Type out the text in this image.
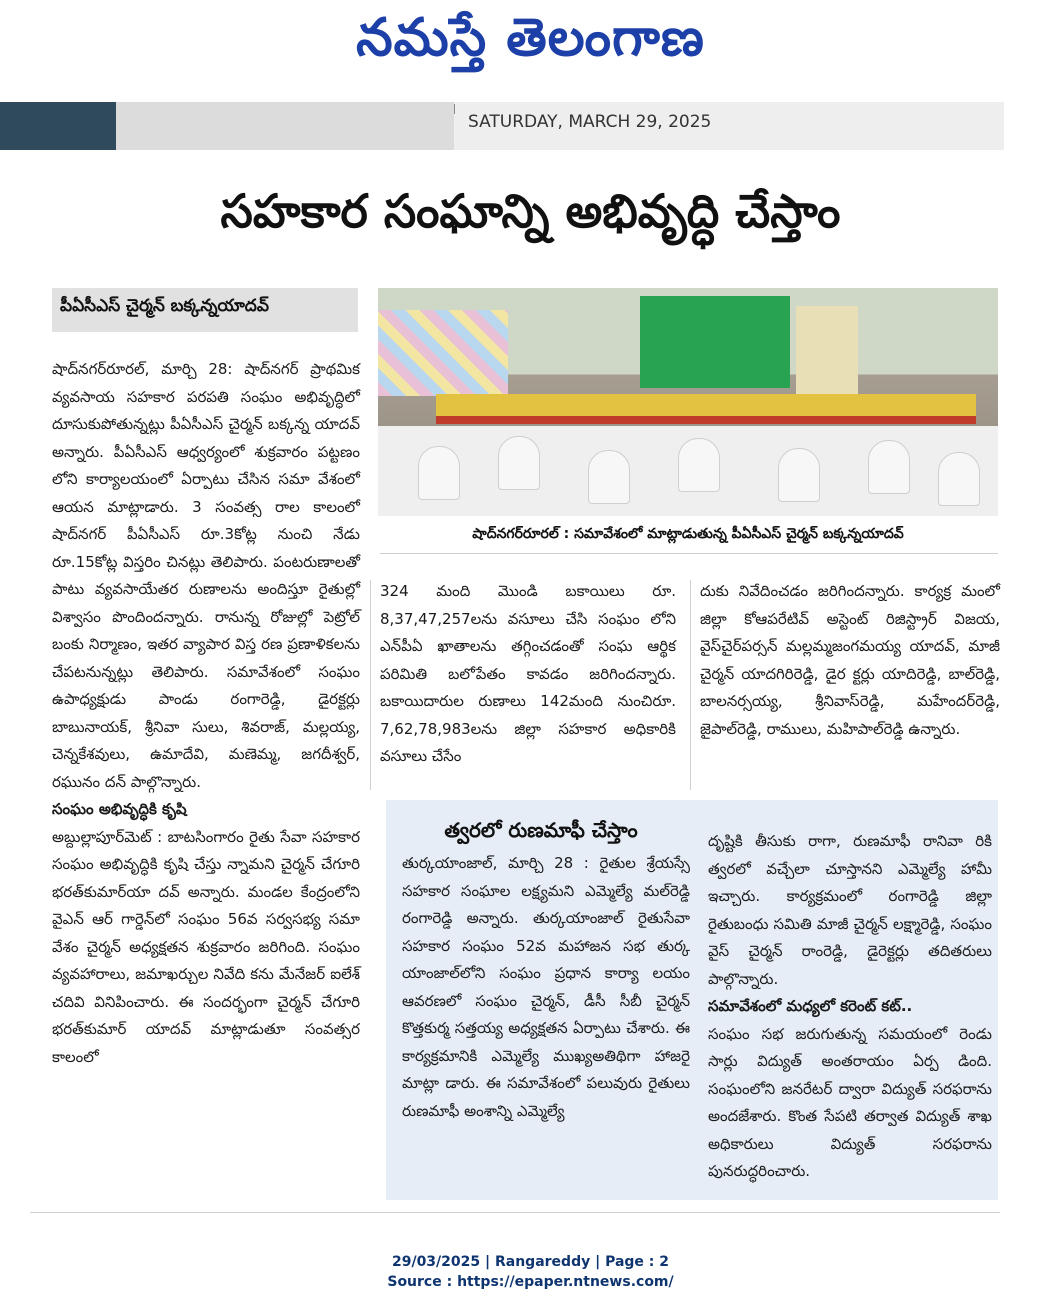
నమస్తే తెలంగాణ
SATURDAY, MARCH 29, 2025
సహకార సంఘాన్ని అభివృద్ధి చేస్తాం
పీఏసీఎస్ చైర్మన్ బక్కన్నయాదవ్
షాద్‌నగర్‌రూరల్ : సమావేశంలో మాట్లాడుతున్న పీఏసీఎస్ చైర్మన్ బక్కన్నయాదవ్

షాద్‌నగర్‌రూరల్, మార్చి 28: షాద్‌నగర్ ప్రాథమిక వ్యవసాయ సహకార పరపతి సంఘం అభివృద్ధిలో దూసుకుపోతున్నట్లు పీఏసీఎస్ చైర్మన్ బక్కన్న యాదవ్ అన్నారు. పీఏసీఎస్ ఆధ్వర్యంలో శుక్రవారం పట్టణం లోని కార్యాలయంలో ఏర్పాటు చేసిన సమా వేశంలో ఆయన మాట్లాడారు. 3 సంవత్స రాల కాలంలో షాద్‌నగర్ పీఏసీఎస్ రూ.3కోట్ల నుంచి నేడు రూ.15కోట్ల విస్తరిం చినట్లు తెలిపారు. పంటరుణాలతో పాటు వ్యవసాయేతర రుణాలను అందిస్తూ రైతుల్లో విశ్వాసం పొందిందన్నారు. రానున్న రోజుల్లో పెట్రోల్ బంకు నిర్మాణం, ఇతర వ్యాపార విస్త రణ ప్రణాళికలను చేపటనున్నట్లు తెలిపారు. సమావేశంలో సంఘం ఉపాధ్యక్షుడు పాండు రంగారెడ్డి, డైరక్టర్లు బాబునాయక్, శ్రీనివా సులు, శివరాజ్, మల్లయ్య, చెన్నకేశవులు, ఉమాదేవి, మణెమ్మ, జగదీశ్వర్, రఘునం దన్ పాల్గొన్నారు.

సంఘం అభివృద్ధికి కృషి

అబ్దుల్లాపూర్‌మెట్ : బాటసింగారం రైతు సేవా సహకార సంఘం అభివృద్ధికి కృషి చేస్తు న్నామని చైర్మన్ చేగూరి భరత్‌కుమార్‌యా దవ్ అన్నారు. మండల కేంద్రంలోని వైఎన్ ఆర్ గార్డెన్‌లో సంఘం 56వ సర్వసభ్య సమా వేశం చైర్మన్ అధ్యక్షతన శుక్రవారం జరిగింది. సంఘం వ్యవహారాలు, జమాఖర్చుల నివేది కను మేనేజర్ ఐలేశ్ చదివి వినిపించారు. ఈ సందర్భంగా చైర్మన్ చేగూరి భరత్‌కుమార్ యాదవ్ మాట్లాడుతూ సంవత్సర కాలంలో

324 మంది మొండి బకాయిలు రూ. 8,37,47,257లను వసూలు చేసి సంఘం లోని ఎన్‌పీఏ ఖాతాలను తగ్గించడంతో సంఘ ఆర్థిక పరిమితి బలోపేతం కావడం జరిగిందన్నారు. బకాయిదారుల రుణాలు 142మంది నుంచిరూ. 7,62,78,983లను జిల్లా సహకార అధికారికి వసూలు చేసేం

దుకు నివేదించడం జరిగిందన్నారు. కార్యక్ర మంలో జిల్లా కోఆపరేటివ్ అస్టెంట్ రిజిస్ట్రార్ విజయ, వైస్‌చైర్‌పర్సన్ మల్లమ్మజంగమయ్య యాదవ్, మాజీ చైర్మన్ యాదగిరిరెడ్డి, డైర క్టర్లు యాదిరెడ్డి, బాల్‌రెడ్డి, బాలనర్సయ్య, శ్రీనివాస్‌రెడ్డి, మహేందర్‌రెడ్డి, జైపాల్‌రెడ్డి, రాములు, మహిపాల్‌రెడ్డి ఉన్నారు.

త్వరలో రుణమాఫీ చేస్తాం

తుర్కయాంజాల్, మార్చి 28 : రైతుల శ్రేయస్సే సహకార సంఘాల లక్ష్యమని ఎమ్మెల్యే మల్‌రెడ్డి రంగారెడ్డి అన్నారు. తుర్కయాంజాల్ రైతుసేవా సహకార సంఘం 52వ మహాజన సభ తుర్క యాంజాల్‌లోని సంఘం ప్రధాన కార్యా లయం ఆవరణలో సంఘం చైర్మన్, డీసీ సీబీ చైర్మన్ కొత్తకుర్మ సత్తయ్య అధ్యక్షతన ఏర్పాటు చేశారు. ఈ కార్యక్రమానికి ఎమ్మెల్యే ముఖ్యఅతిథిగా హాజరై మాట్లా డారు. ఈ సమావేశంలో పలువురు రైతులు రుణమాఫీ అంశాన్ని ఎమ్మెల్యే

దృష్టికి తీసుకు రాగా, రుణమాఫీ రానివా రికి త్వరలో వచ్చేలా చూస్తానని ఎమ్మెల్యే హామీ ఇచ్చారు. కార్యక్రమంలో రంగారెడ్డి జిల్లా రైతుబంధు సమితి మాజీ చైర్మన్ లక్ష్మారెడ్డి, సంఘం వైస్ చైర్మన్ రాంరెడ్డి, డైరెక్టర్లు తదితరులు పాల్గొన్నారు.

సమావేశంలో మధ్యలో కరెంట్ కట్..

సంఘం సభ జరుగుతున్న సమయంలో రెండు సార్లు విద్యుత్ అంతరాయం ఏర్ప డింది. సంఘంలోని జనరేటర్ ద్వారా విద్యుత్ సరఫరాను అందజేశారు. కొంత సేపటి తర్వాత విద్యుత్ శాఖ అధికారులు విద్యుత్ సరఫరాను పునరుద్ధరించారు.

29/03/2025 | Rangareddy | Page : 2
Source : https://epaper.ntnews.com/
